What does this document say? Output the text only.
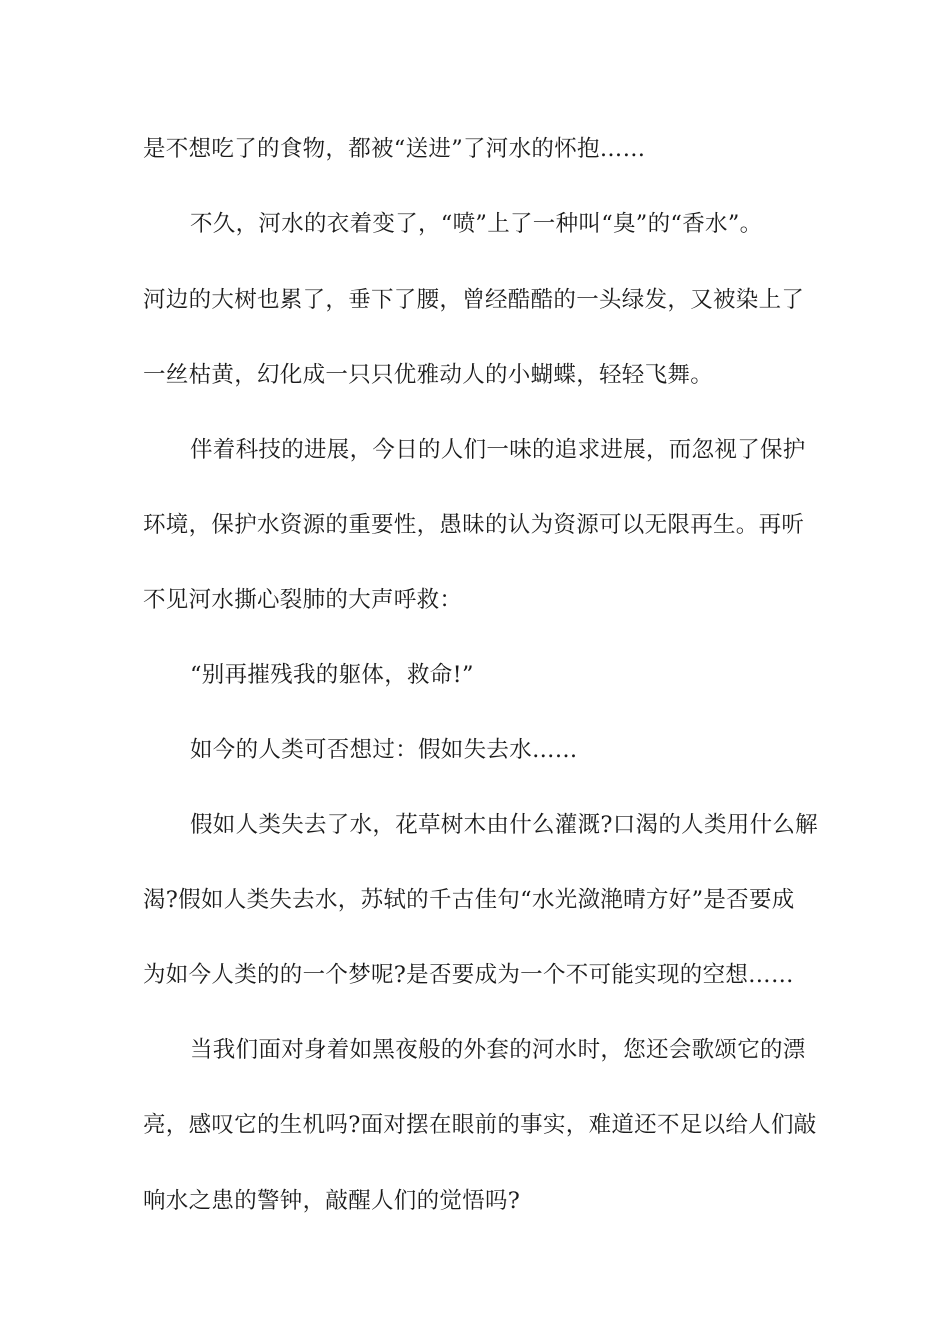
是不想吃了的食物，都被“送进”了河水的怀抱……
不久，河水的衣着变了，“喷”上了一种叫“臭”的“香水”。
河边的大树也累了，垂下了腰，曾经酷酷的一头绿发，又被染上了
一丝枯黄，幻化成一只只优雅动人的小蝴蝶，轻轻飞舞。
伴着科技的进展，今日的人们一味的追求进展，而忽视了保护
环境，保护水资源的重要性，愚昧的认为资源可以无限再生。再听
不见河水撕心裂肺的大声呼救：
“别再摧残我的躯体，救命!”
如今的人类可否想过：假如失去水……
假如人类失去了水，花草树木由什么灌溉?口渴的人类用什么解
渴?假如人类失去水，苏轼的千古佳句“水光潋滟晴方好”是否要成
为如今人类的的一个梦呢?是否要成为一个不可能实现的空想……
当我们面对身着如黑夜般的外套的河水时，您还会歌颂它的漂
亮，感叹它的生机吗?面对摆在眼前的事实，难道还不足以给人们敲
响水之患的警钟，敲醒人们的觉悟吗?
